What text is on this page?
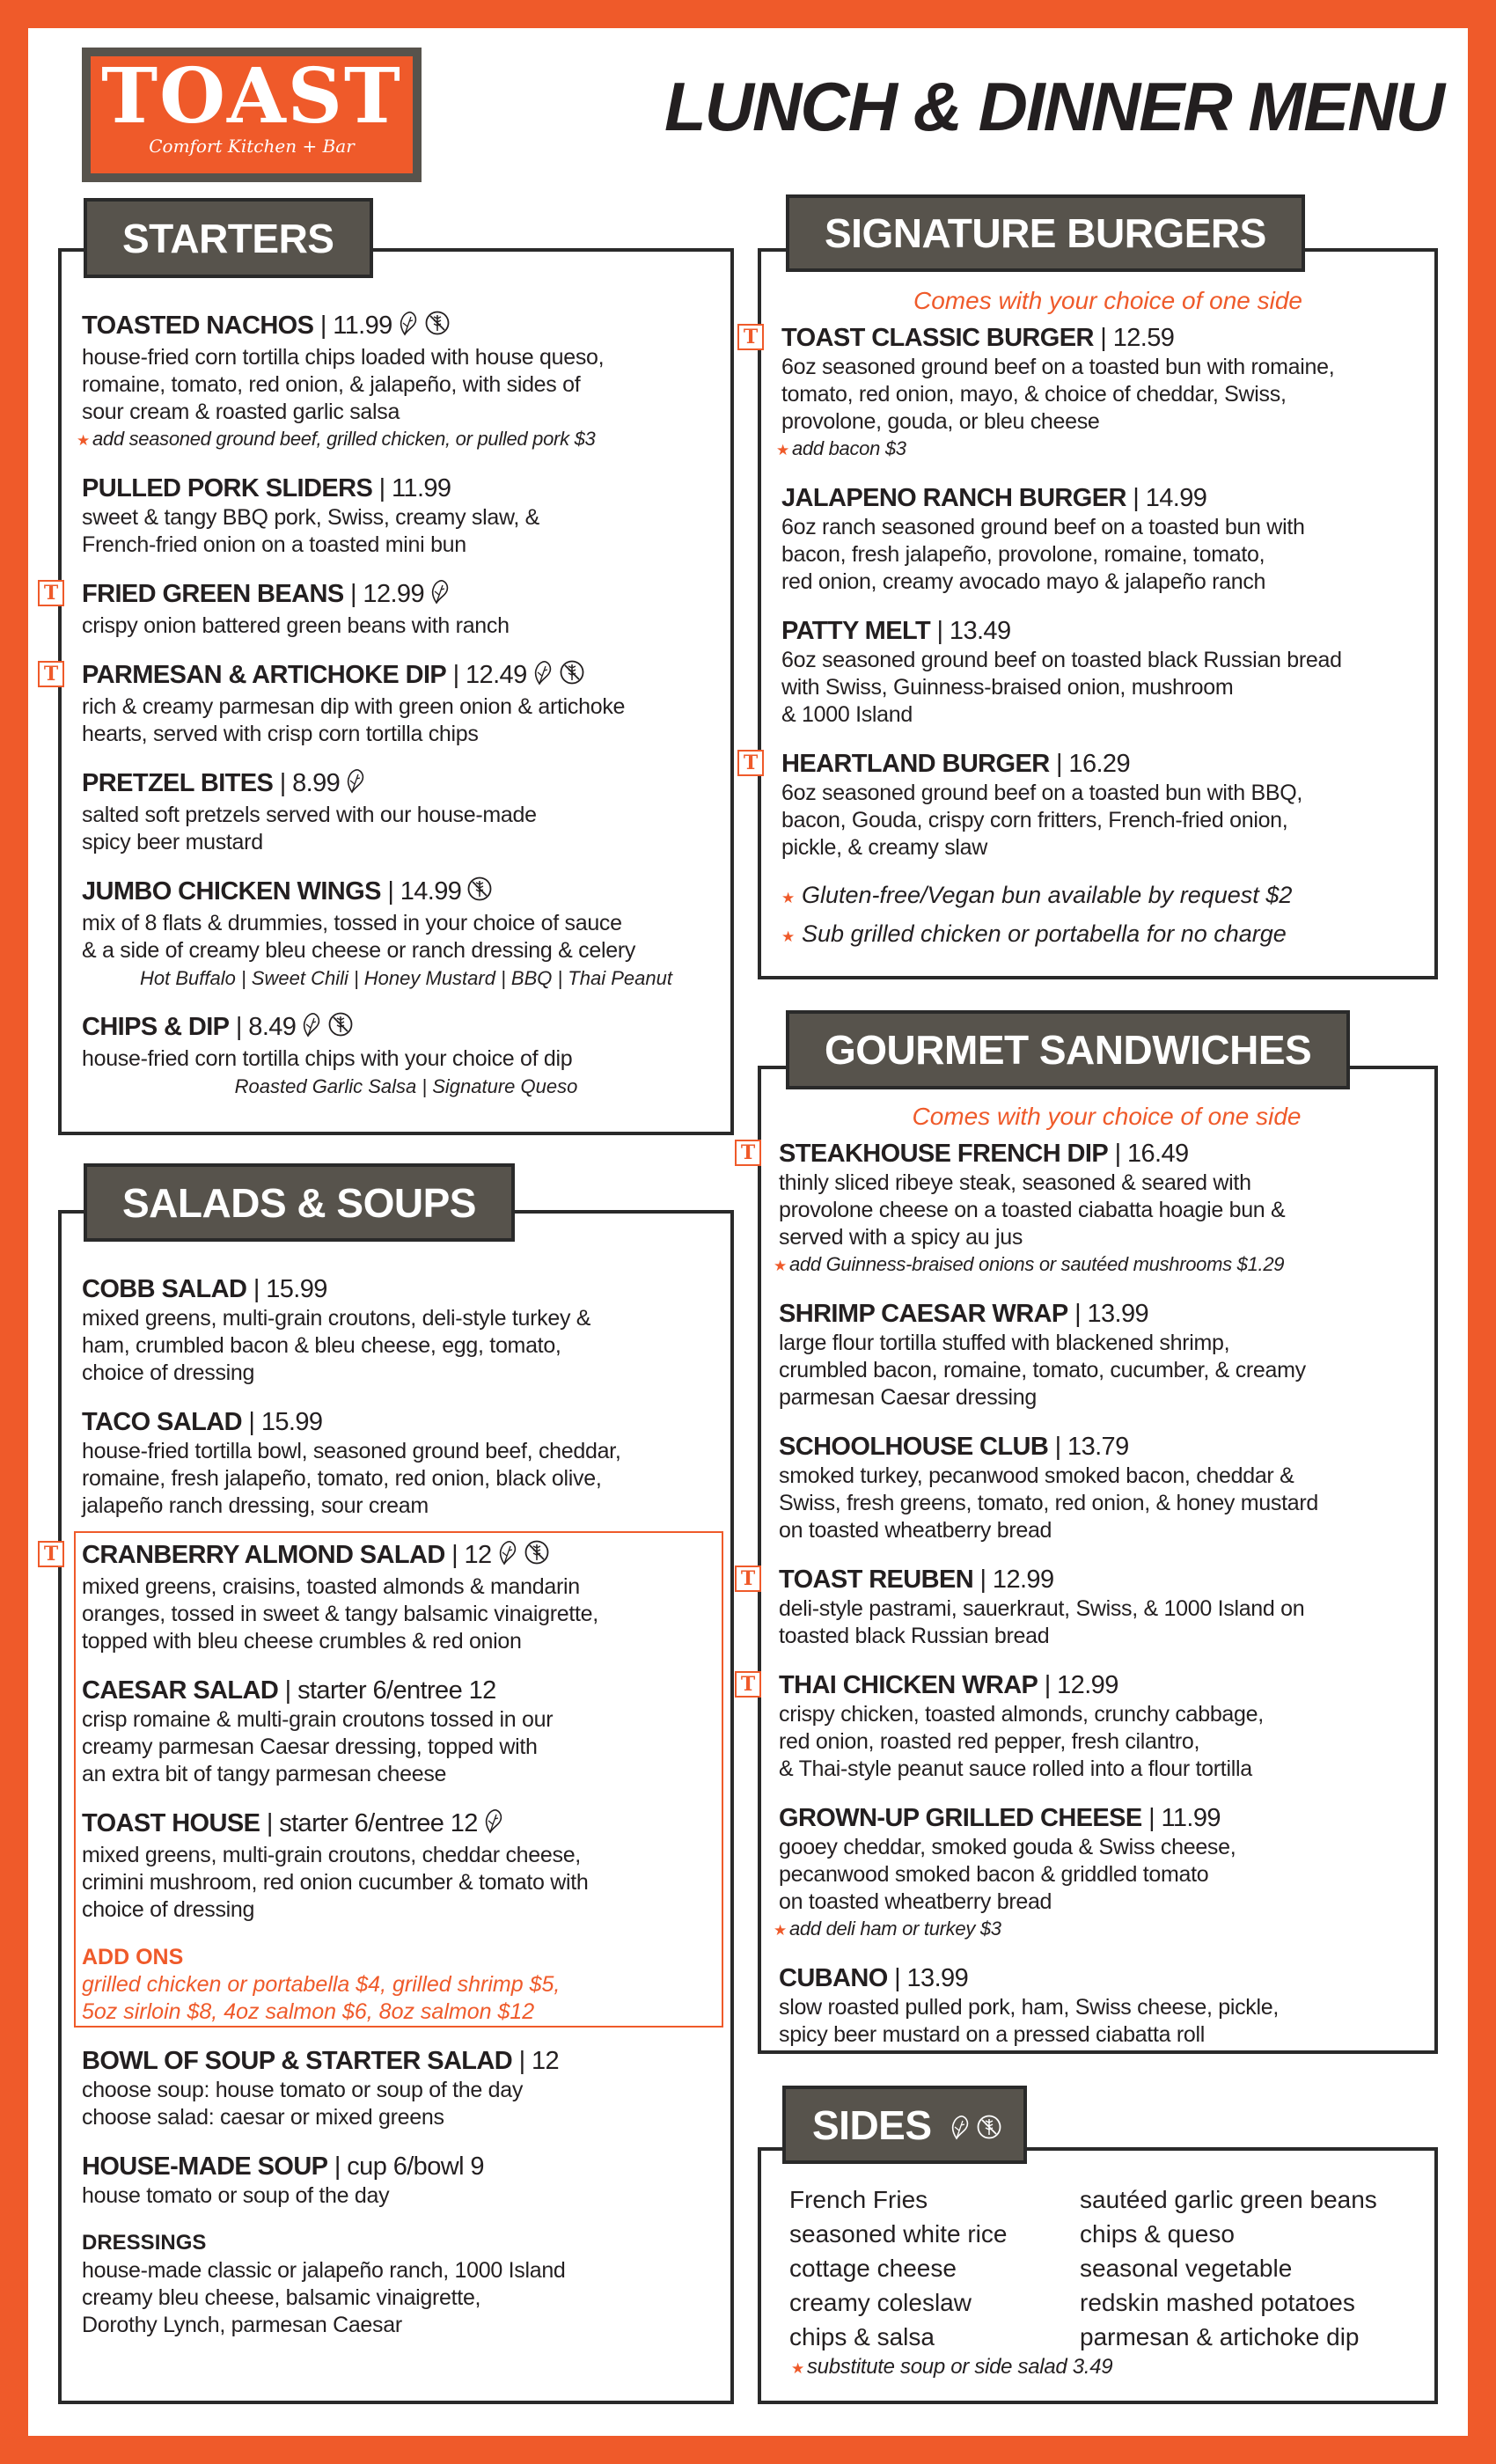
TOAST
Comfort Kitchen + Bar
LUNCH & DINNER MENU
TOASTED NACHOS | 11.99
house-fried corn tortilla chips loaded with house queso,
romaine, tomato, red onion, & jalapeño, with sides of
sour cream & roasted garlic salsa
★ add seasoned ground beef, grilled chicken, or pulled pork $3
PULLED PORK SLIDERS | 11.99
sweet & tangy BBQ pork, Swiss, creamy slaw, &
French-fried onion on a toasted mini bun
T FRIED GREEN BEANS | 12.99
crispy onion battered green beans with ranch
T PARMESAN & ARTICHOKE DIP | 12.49
rich & creamy parmesan dip with green onion & artichoke
hearts, served with crisp corn tortilla chips
PRETZEL BITES | 8.99
salted soft pretzels served with our house-made
spicy beer mustard
JUMBO CHICKEN WINGS | 14.99
mix of 8 flats & drummies, tossed in your choice of sauce
& a side of creamy bleu cheese or ranch dressing & celery
Hot Buffalo | Sweet Chili | Honey Mustard | BBQ | Thai Peanut
CHIPS & DIP | 8.49
house-fried corn tortilla chips with your choice of dip
Roasted Garlic Salsa | Signature Queso
STARTERS
COBB SALAD | 15.99
mixed greens, multi-grain croutons, deli-style turkey &
ham, crumbled bacon & bleu cheese, egg, tomato,
choice of dressing
TACO SALAD | 15.99
house-fried tortilla bowl, seasoned ground beef, cheddar,
romaine, fresh jalapeño, tomato, red onion, black olive,
jalapeño ranch dressing, sour cream
T CRANBERRY ALMOND SALAD | 12
mixed greens, craisins, toasted almonds & mandarin
oranges, tossed in sweet & tangy balsamic vinaigrette,
topped with bleu cheese crumbles & red onion
CAESAR SALAD | starter 6/entree 12
crisp romaine & multi-grain croutons tossed in our
creamy parmesan Caesar dressing, topped with
an extra bit of tangy parmesan cheese
TOAST HOUSE | starter 6/entree 12
mixed greens, multi-grain croutons, cheddar cheese,
crimini mushroom, red onion cucumber & tomato with
choice of dressing
ADD ONS
grilled chicken or portabella $4, grilled shrimp $5,
5oz sirloin $8, 4oz salmon $6, 8oz salmon $12
BOWL OF SOUP & STARTER SALAD | 12
choose soup: house tomato or soup of the day
choose salad: caesar or mixed greens
HOUSE-MADE SOUP | cup 6/bowl 9
house tomato or soup of the day
DRESSINGS
house-made classic or jalapeño ranch, 1000 Island
creamy bleu cheese, balsamic vinaigrette,
Dorothy Lynch, parmesan Caesar
SALADS & SOUPS
Comes with your choice of one side
T TOAST CLASSIC BURGER | 12.59
6oz seasoned ground beef on a toasted bun with romaine,
tomato, red onion, mayo, & choice of cheddar, Swiss,
provolone, gouda, or bleu cheese
★ add bacon $3
JALAPENO RANCH BURGER | 14.99
6oz ranch seasoned ground beef on a toasted bun with
bacon, fresh jalapeño, provolone, romaine, tomato,
red onion, creamy avocado mayo & jalapeño ranch
PATTY MELT | 13.49
6oz seasoned ground beef on toasted black Russian bread
with Swiss, Guinness-braised onion, mushroom
& 1000 Island
T HEARTLAND BURGER | 16.29
6oz seasoned ground beef on a toasted bun with BBQ,
bacon, Gouda, crispy corn fritters, French-fried onion,
pickle, & creamy slaw
★ Gluten-free/Vegan bun available by request $2
★ Sub grilled chicken or portabella for no charge
SIGNATURE BURGERS
Comes with your choice of one side
T STEAKHOUSE FRENCH DIP | 16.49
thinly sliced ribeye steak, seasoned & seared with
provolone cheese on a toasted ciabatta hoagie bun &
served with a spicy au jus
★ add Guinness-braised onions or sautéed mushrooms $1.29
SHRIMP CAESAR WRAP | 13.99
large flour tortilla stuffed with blackened shrimp,
crumbled bacon, romaine, tomato, cucumber, & creamy
parmesan Caesar dressing
SCHOOLHOUSE CLUB | 13.79
smoked turkey, pecanwood smoked bacon, cheddar &
Swiss, fresh greens, tomato, red onion, & honey mustard
on toasted wheatberry bread
T TOAST REUBEN | 12.99
deli-style pastrami, sauerkraut, Swiss, & 1000 Island on
toasted black Russian bread
T THAI CHICKEN WRAP | 12.99
crispy chicken, toasted almonds, crunchy cabbage,
red onion, roasted red pepper, fresh cilantro,
& Thai-style peanut sauce rolled into a flour tortilla
GROWN-UP GRILLED CHEESE | 11.99
gooey cheddar, smoked gouda & Swiss cheese,
pecanwood smoked bacon & griddled tomato
on toasted wheatberry bread
★ add deli ham or turkey $3
CUBANO | 13.99
slow roasted pulled pork, ham, Swiss cheese, pickle,
spicy beer mustard on a pressed ciabatta roll
GOURMET SANDWICHES
French Fries
seasoned white rice
cottage cheese
creamy coleslaw
chips & salsa
sautéed garlic green beans
chips & queso
seasonal vegetable
redskin mashed potatoes
parmesan & artichoke dip
★ substitute soup or side salad 3.49
SIDES
